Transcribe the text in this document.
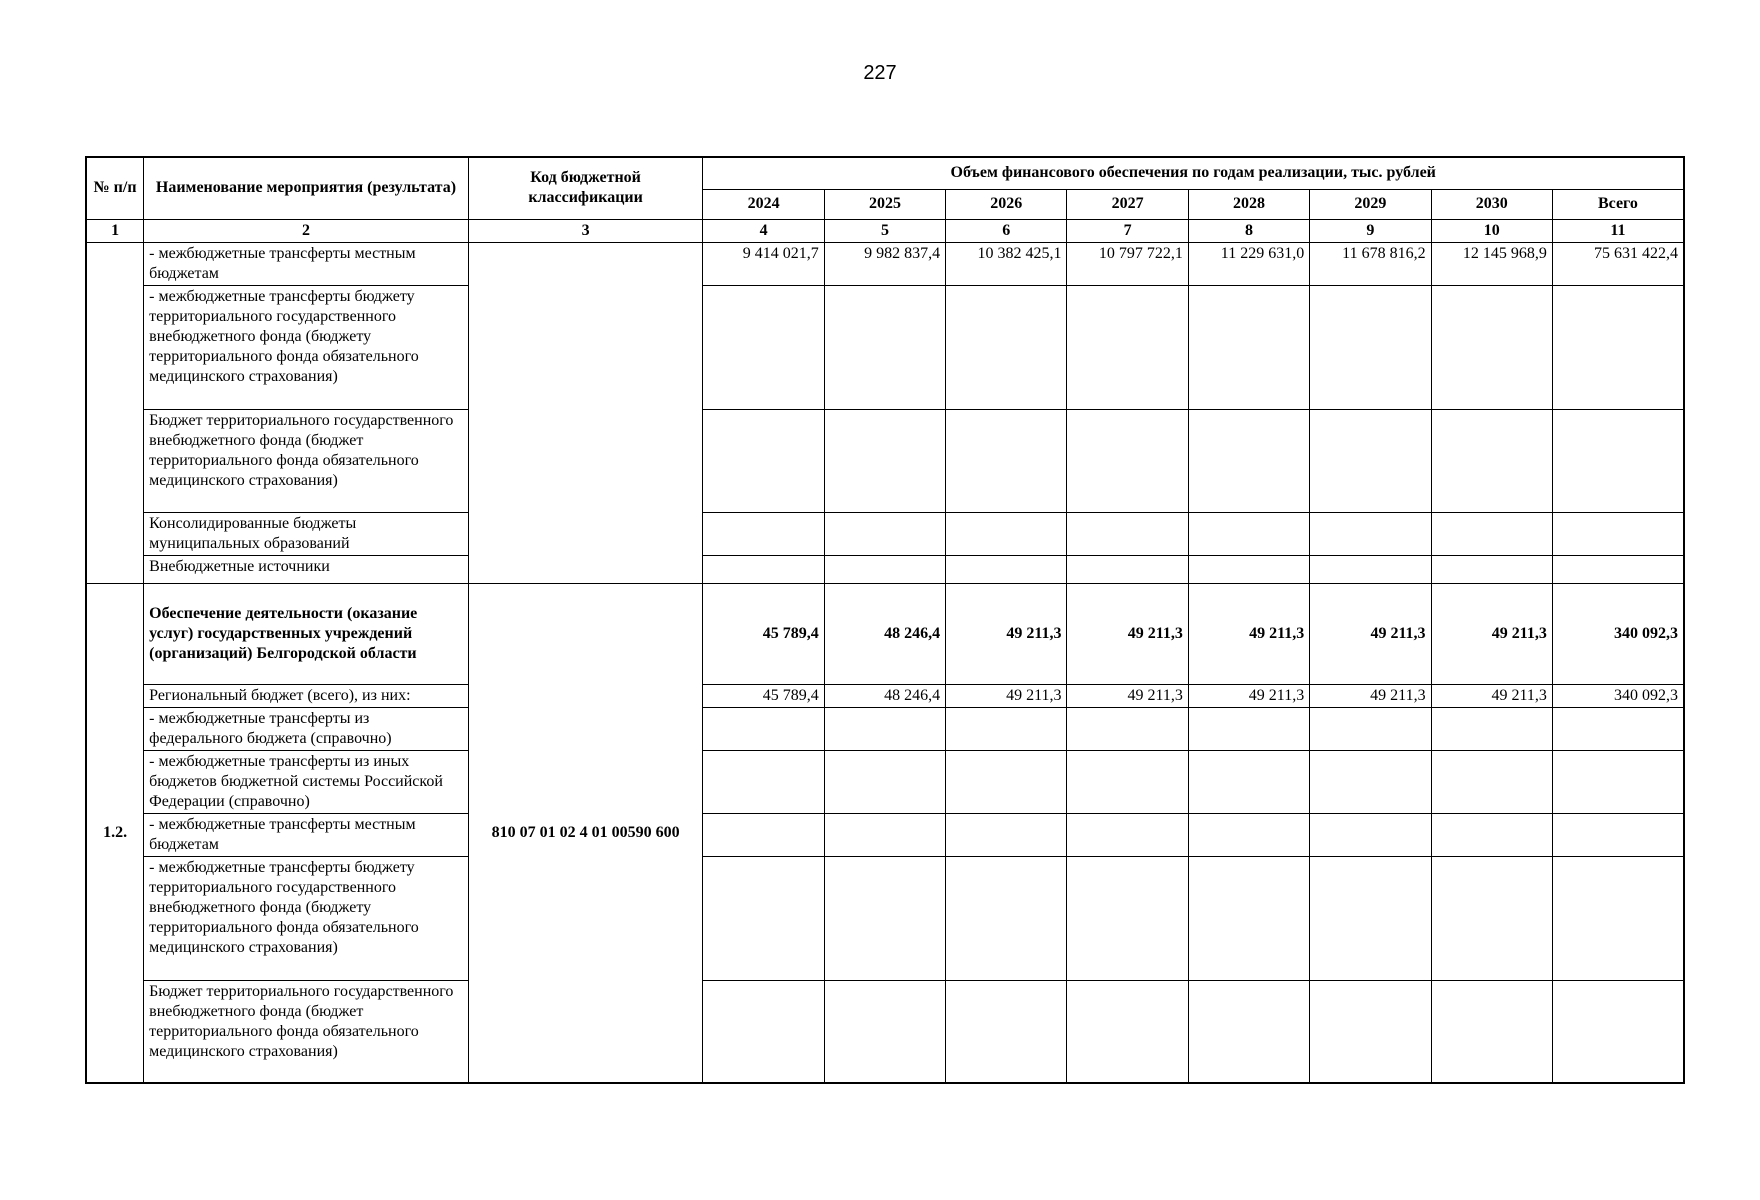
227
№ п/п	Наименование мероприятия (результата)	Код бюджетной классификации	Объем финансового обеспечения по годам реализации, тыс. рублей							
			2024	2025	2026	2027	2028	2029	2030	Всего
1	2	3	4	5	6	7	8	9	10	11
	- межбюджетные трансферты местным бюджетам		9 414 021,7	9 982 837,4	10 382 425,1	10 797 722,1	11 229 631,0	11 678 816,2	12 145 968,9	75 631 422,4
	- межбюджетные трансферты бюджету территориального государственного внебюджетного фонда (бюджету территориального фонда обязательного медицинского страхования)									
	Бюджет территориального государственного внебюджетного фонда (бюджет территориального фонда обязательного медицинского страхования)									
	Консолидированные бюджеты муниципальных образований									
	Внебюджетные источники									
1.2.	Обеспечение деятельности (оказание услуг) государственных учреждений (организаций) Белгородской области	810 07 01 02 4 01 00590 600	45 789,4	48 246,4	49 211,3	49 211,3	49 211,3	49 211,3	49 211,3	340 092,3
	Региональный бюджет (всего), из них:		45 789,4	48 246,4	49 211,3	49 211,3	49 211,3	49 211,3	49 211,3	340 092,3
	- межбюджетные трансферты из федерального бюджета (справочно)									
	- межбюджетные трансферты из иных бюджетов бюджетной системы Российской Федерации (справочно)									
	- межбюджетные трансферты местным бюджетам									
	- межбюджетные трансферты бюджету территориального государственного внебюджетного фонда (бюджету территориального фонда обязательного медицинского страхования)									
	Бюджет территориального государственного внебюджетного фонда (бюджет территориального фонда обязательного медицинского страхования)									
